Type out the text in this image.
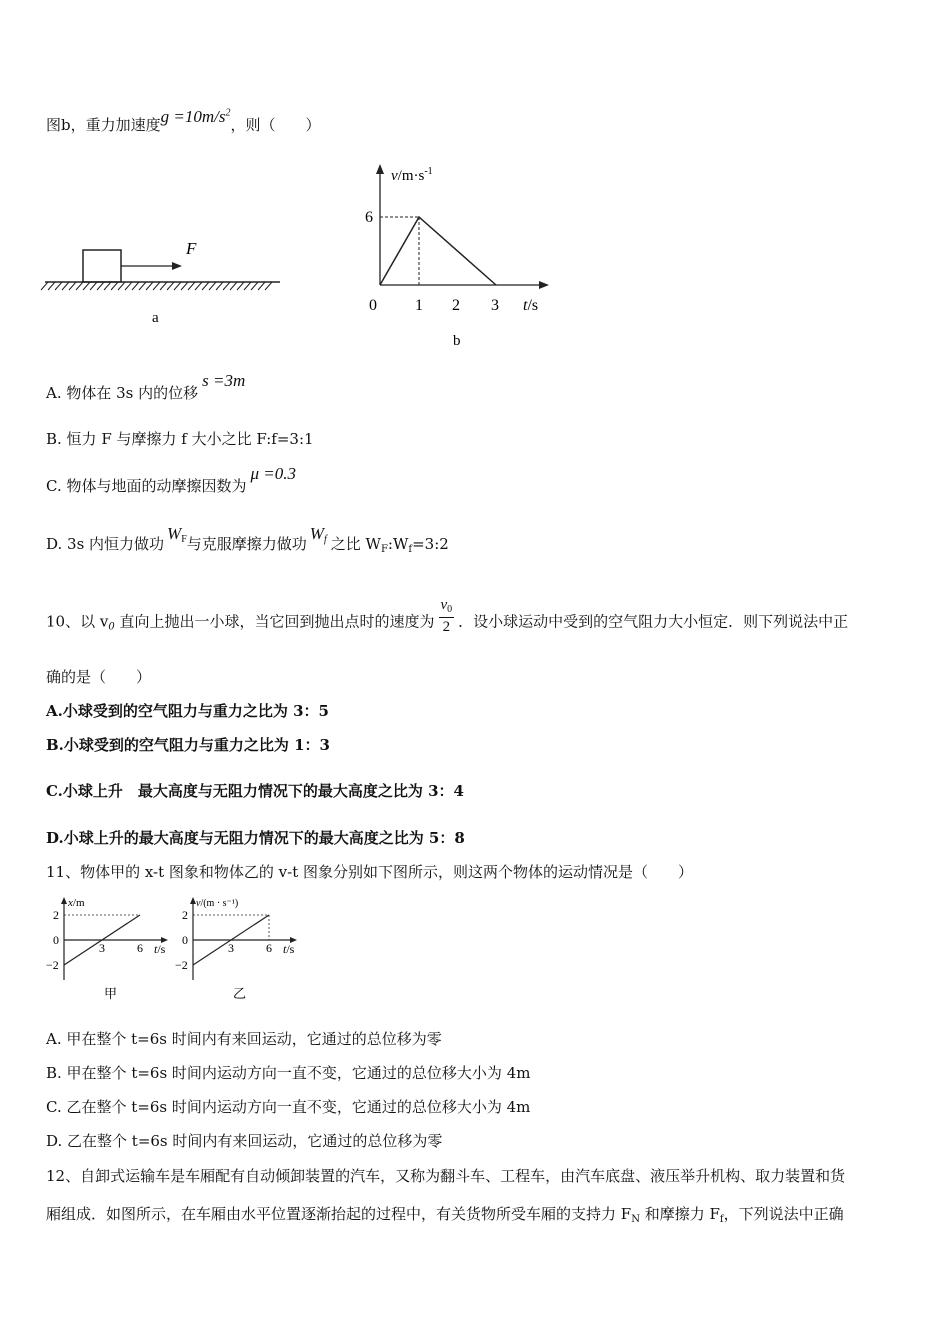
图b，重力加速度$g =10m/s^2$，则（　　）
F
a
$v/m\cdot s^{-1}$
6
0 1 2 3 t/s
b
A. 物体在 3s 内的位移s =3m
B. 恒力 F 与摩擦力 f 大小之比 F:f=3:1
C. 物体与地面的动摩擦因数为μ =0.3
D. 3s 内恒力做功$W_F$与克服摩擦力做功$W_f$ 之比 $W_F:W_f=3:2$
10、以 $v_0$ 直向上抛出一小球，当它回到抛出点时的速度为 $\frac{v_0}{2}$ ．设小球运动中受到的空气阻力大小恒定．则下列说法中正
确的是（　　）
A.小球受到的空气阻力与重力之比为 3：5
B.小球受到的空气阻力与重力之比为 1：3
C.小球上升　最大高度与无阻力情况下的最大高度之比为 3：4
D.小球上升的最大高度与无阻力情况下的最大高度之比为 5：8
11、物体甲的 x-t 图象和物体乙的 v-t 图象分别如下图所示，则这两个物体的运动情况是（　　）
x/m
2
0
−2
3	6 t/s
甲
v/(m · s⁻¹)
2
0
−2
3	6 t/s
乙
A. 甲在整个 t=6s 时间内有来回运动，它通过的总位移为零
B. 甲在整个 t=6s 时间内运动方向一直不变，它通过的总位移大小为 4m
C. 乙在整个 t=6s 时间内运动方向一直不变，它通过的总位移大小为 4m
D. 乙在整个 t=6s 时间内有来回运动，它通过的总位移为零
12、自卸式运输车是车厢配有自动倾卸装置的汽车，又称为翻斗车、工程车，由汽车底盘、液压举升机构、取力装置和货
厢组成．如图所示，在车厢由水平位置逐渐抬起的过程中，有关货物所受车厢的支持力 $F_N$ 和摩擦力 $F_f$，下列说法中正确
